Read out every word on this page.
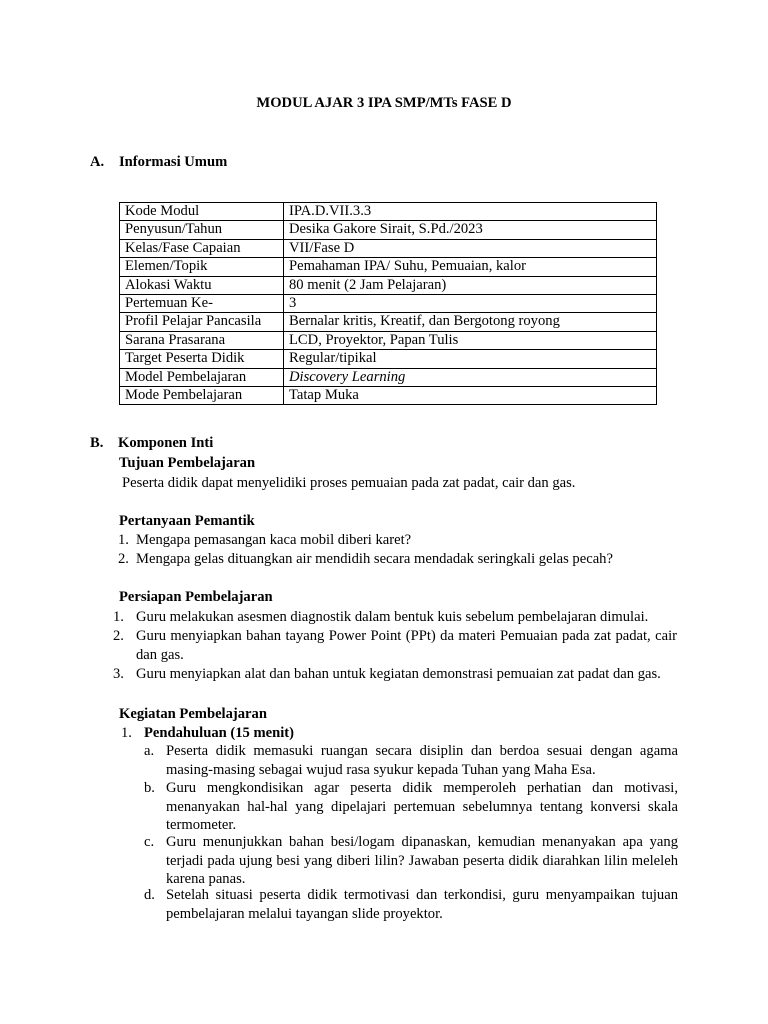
MODUL AJAR 3 IPA SMP/MTs FASE D
A. Informasi Umum
Kode Modul	IPA.D.VII.3.3
Penyusun/Tahun	Desika Gakore Sirait, S.Pd./2023
Kelas/Fase Capaian	VII/Fase D
Elemen/Topik	Pemahaman IPA/ Suhu, Pemuaian, kalor
Alokasi Waktu	80 menit (2 Jam Pelajaran)
Pertemuan Ke-	3
Profil Pelajar Pancasila	Bernalar kritis, Kreatif, dan Bergotong royong
Sarana Prasarana	LCD, Proyektor, Papan Tulis
Target Peserta Didik	Regular/tipikal
Model Pembelajaran	Discovery Learning
Mode Pembelajaran	Tatap Muka
B. Komponen Inti
Tujuan Pembelajaran
Peserta didik dapat menyelidiki proses pemuaian pada zat padat, cair dan gas.
Pertanyaan Pemantik
1. Mengapa pemasangan kaca mobil diberi karet?
2. Mengapa gelas dituangkan air mendidih secara mendadak seringkali gelas pecah?
Persiapan Pembelajaran
1. Guru melakukan asesmen diagnostik dalam bentuk kuis sebelum pembelajaran dimulai.
2. Guru menyiapkan bahan tayang Power Point (PPt) da materi Pemuaian pada zat padat, cair dan gas.
3. Guru menyiapkan alat dan bahan untuk kegiatan demonstrasi pemuaian zat padat dan gas.
Kegiatan Pembelajaran
1. Pendahuluan (15 menit)
a. Peserta didik memasuki ruangan secara disiplin dan berdoa sesuai dengan agama masing-masing sebagai wujud rasa syukur kepada Tuhan yang Maha Esa.
b. Guru mengkondisikan agar peserta didik memperoleh perhatian dan motivasi, menanyakan hal-hal yang dipelajari pertemuan sebelumnya tentang konversi skala termometer.
c. Guru menunjukkan bahan besi/logam dipanaskan, kemudian menanyakan apa yang terjadi pada ujung besi yang diberi lilin? Jawaban peserta didik diarahkan lilin meleleh karena panas.
d. Setelah situasi peserta didik termotivasi dan terkondisi, guru menyampaikan tujuan pembelajaran melalui tayangan slide proyektor.
